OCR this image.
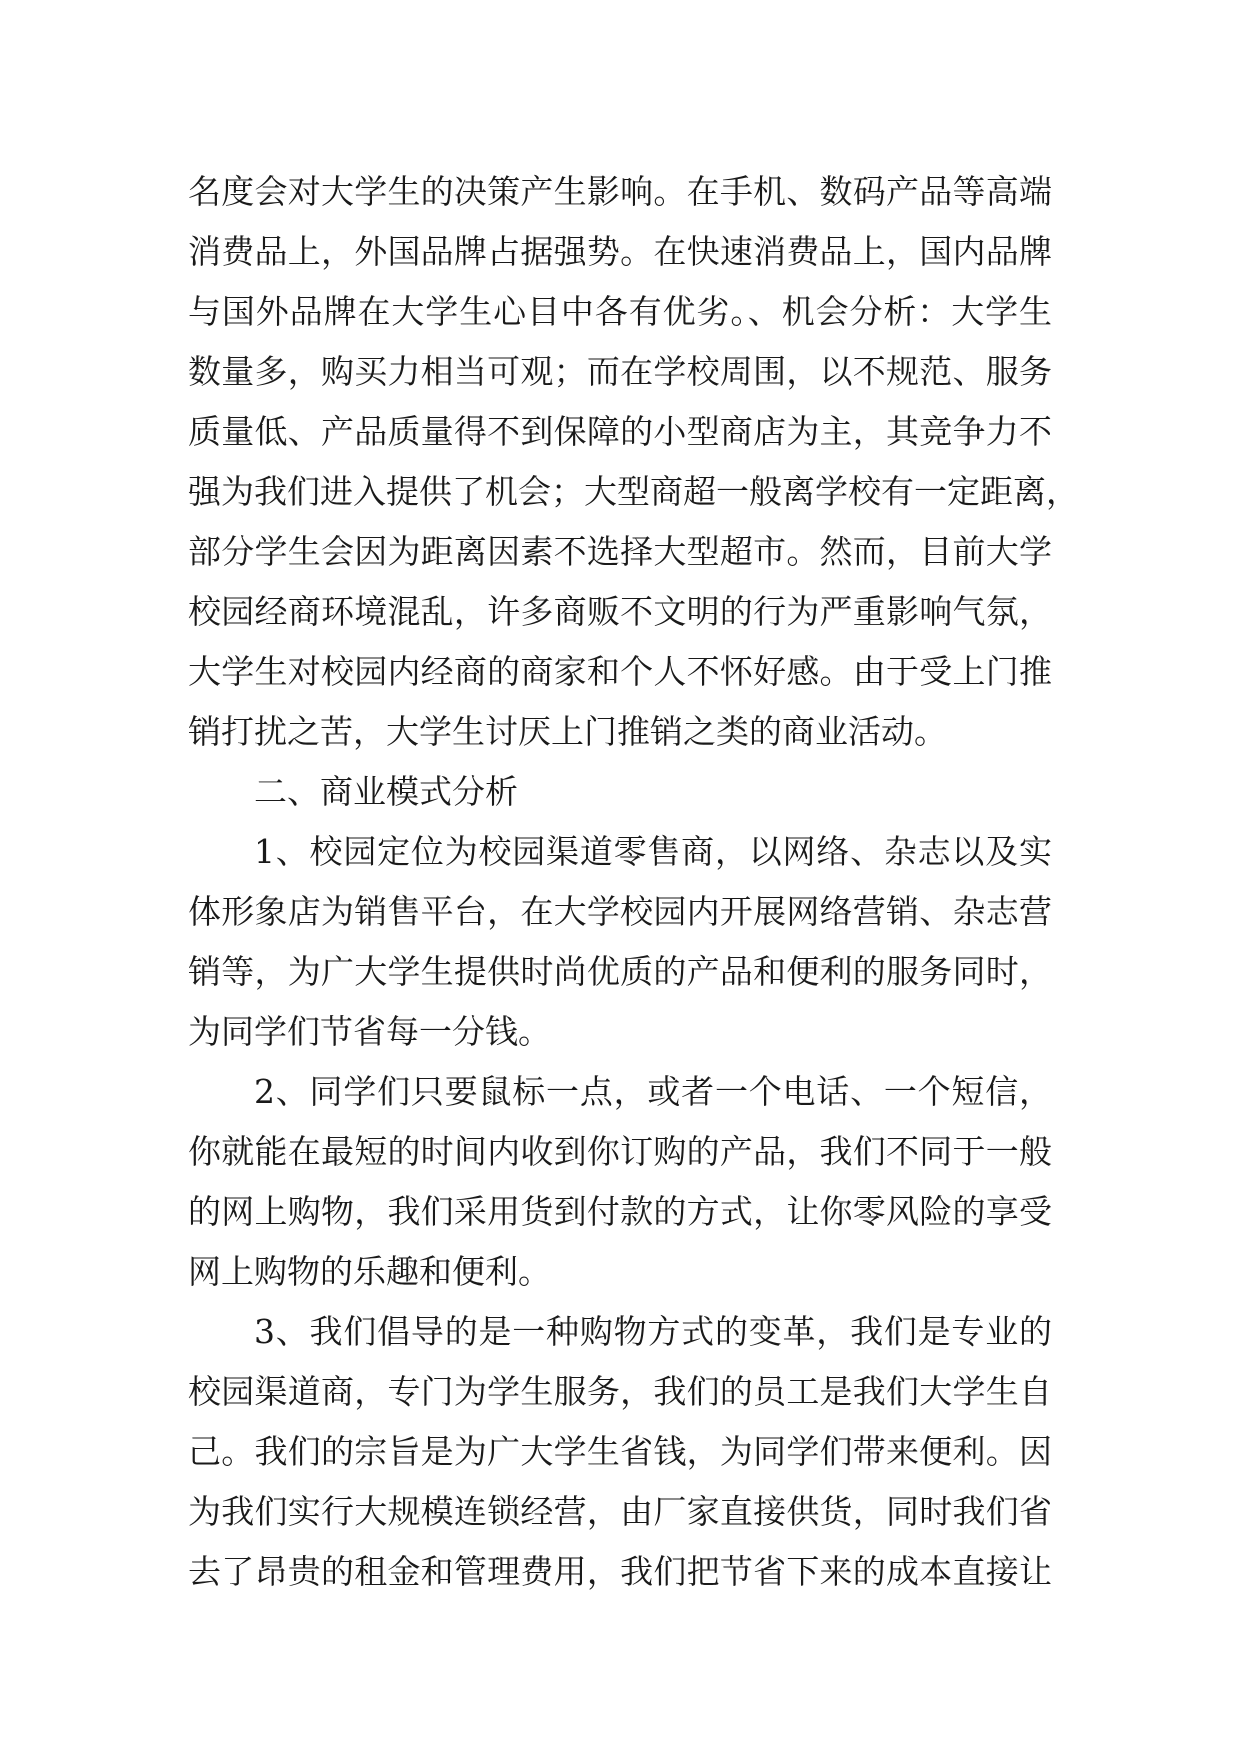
名度会对大学生的决策产生影响。在手机、数码产品等高端
消费品上，外国品牌占据强势。在快速消费品上，国内品牌
与国外品牌在大学生心目中各有优劣。、机会分析：大学生
数量多，购买力相当可观；而在学校周围，以不规范、服务
质量低、产品质量得不到保障的小型商店为主，其竞争力不
强为我们进入提供了机会；大型商超一般离学校有一定距离，
部分学生会因为距离因素不选择大型超市。然而，目前大学
校园经商环境混乱，许多商贩不文明的行为严重影响气氛，
大学生对校园内经商的商家和个人不怀好感。由于受上门推
销打扰之苦，大学生讨厌上门推销之类的商业活动。
二、商业模式分析
1、校园定位为校园渠道零售商，以网络、杂志以及实
体形象店为销售平台，在大学校园内开展网络营销、杂志营
销等，为广大学生提供时尚优质的产品和便利的服务同时，
为同学们节省每一分钱。
2、同学们只要鼠标一点，或者一个电话、一个短信，
你就能在最短的时间内收到你订购的产品，我们不同于一般
的网上购物，我们采用货到付款的方式，让你零风险的享受
网上购物的乐趣和便利。
3、我们倡导的是一种购物方式的变革，我们是专业的
校园渠道商，专门为学生服务，我们的员工是我们大学生自
己。我们的宗旨是为广大学生省钱，为同学们带来便利。因
为我们实行大规模连锁经营，由厂家直接供货，同时我们省
去了昂贵的租金和管理费用，我们把节省下来的成本直接让
